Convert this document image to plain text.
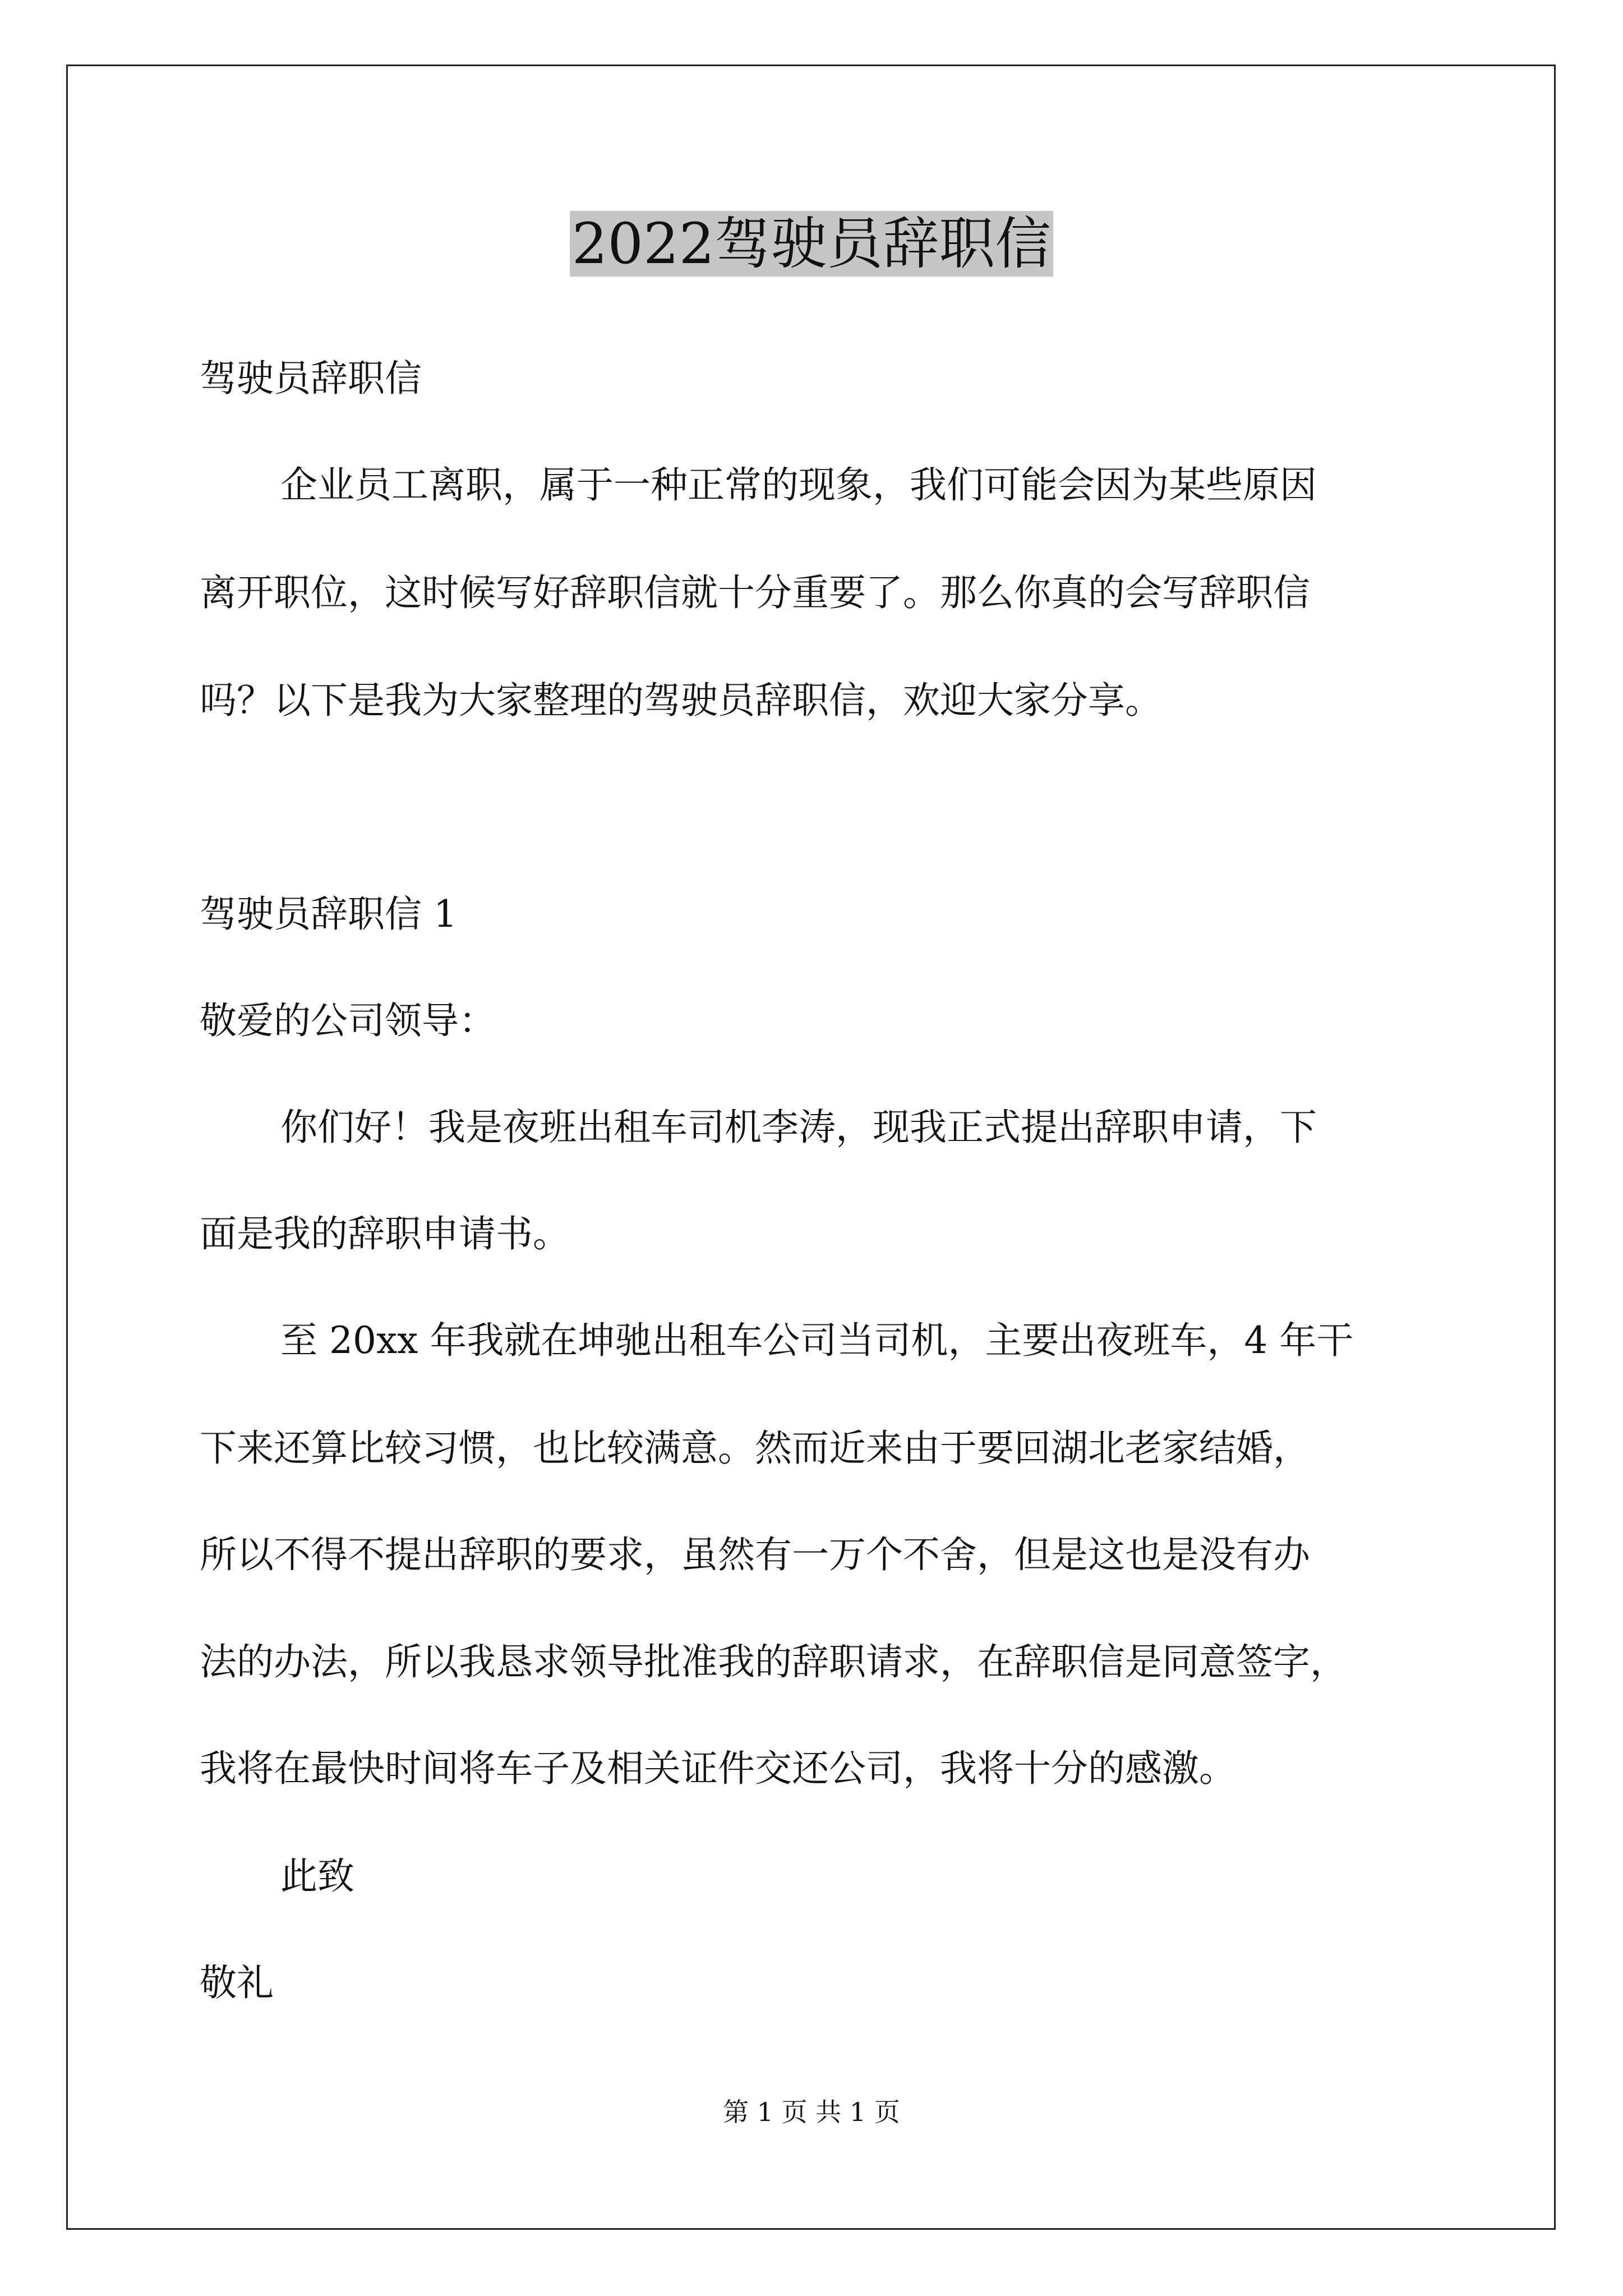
2022驾驶员辞职信
驾驶员辞职信
企业员工离职，属于一种正常的现象，我们可能会因为某些原因
离开职位，这时候写好辞职信就十分重要了。那么你真的会写辞职信
吗？以下是我为大家整理的驾驶员辞职信，欢迎大家分享。
驾驶员辞职信 1
敬爱的公司领导：
你们好！我是夜班出租车司机李涛，现我正式提出辞职申请，下
面是我的辞职申请书。
至 20xx 年我就在坤驰出租车公司当司机，主要出夜班车，4 年干
下来还算比较习惯，也比较满意。然而近来由于要回湖北老家结婚，
所以不得不提出辞职的要求，虽然有一万个不舍，但是这也是没有办
法的办法，所以我恳求领导批准我的辞职请求，在辞职信是同意签字，
我将在最快时间将车子及相关证件交还公司，我将十分的感激。
此致
敬礼
第 1 页 共 1 页
